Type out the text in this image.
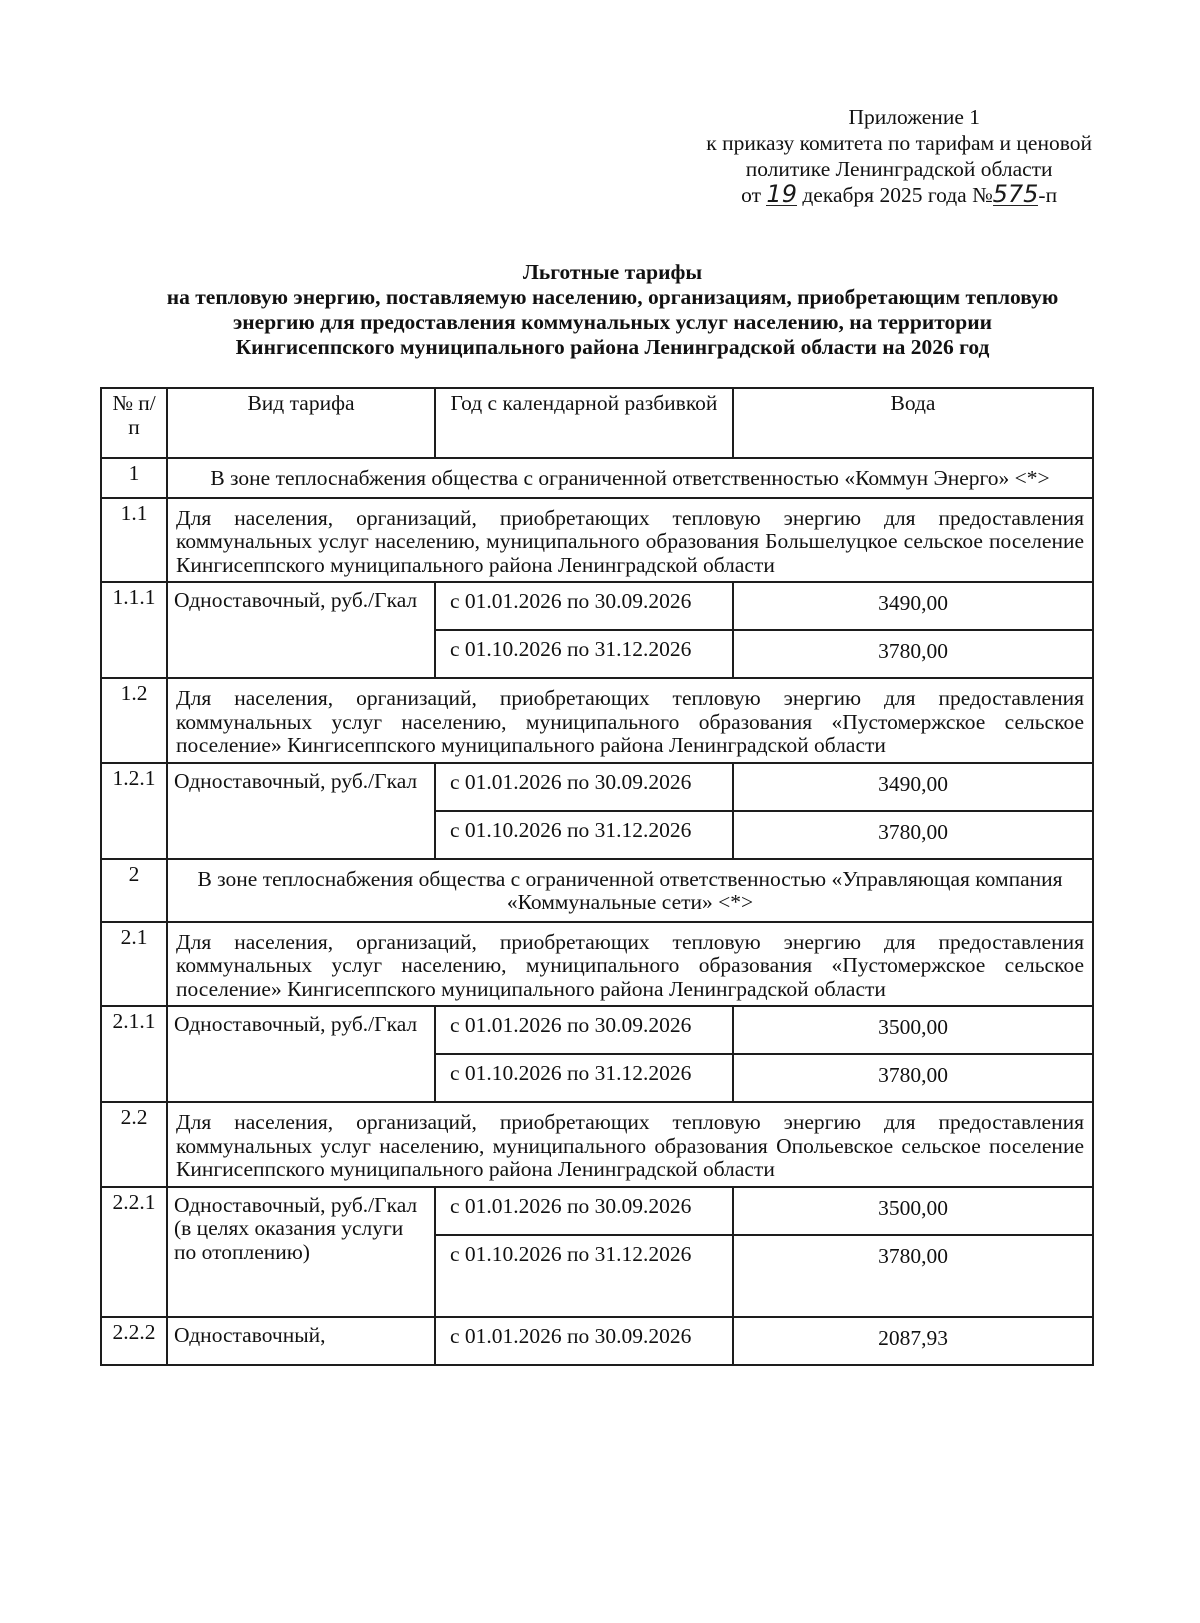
Приложение 1
к приказу комитета по тарифам и ценовой
политике Ленинградской области
от 19 декабря 2025 года №575-п
Льготные тарифы
на тепловую энергию, поставляемую населению, организациям, приобретающим тепловую
энергию для предоставления коммунальных услуг населению, на территории
Кингисеппского муниципального района Ленинградской области на 2026 год
№ п/п	Вид тарифа	Год с календарной разбивкой	Вода
1	В зоне теплоснабжения общества с ограниченной ответственностью «Коммун Энерго» <*>		
1.1	Для населения, организаций, приобретающих тепловую энергию для предоставления коммунальных услуг населению, муниципального образования Большелуцкое сельское поселение Кингисеппского муниципального района Ленинградской области		
1.1.1	Одноставочный, руб./Гкал	с 01.01.2026 по 30.09.2026	3490,00
		с 01.10.2026 по 31.12.2026	3780,00
1.2	Для населения, организаций, приобретающих тепловую энергию для предоставления коммунальных услуг населению, муниципального образования «Пустомержское сельское поселение» Кингисеппского муниципального района Ленинградской области		
1.2.1	Одноставочный, руб./Гкал	с 01.01.2026 по 30.09.2026	3490,00
		с 01.10.2026 по 31.12.2026	3780,00
2	В зоне теплоснабжения общества с ограниченной ответственностью «Управляющая компания «Коммунальные сети» <*>		
2.1	Для населения, организаций, приобретающих тепловую энергию для предоставления коммунальных услуг населению, муниципального образования «Пустомержское сельское поселение» Кингисеппского муниципального района Ленинградской области		
2.1.1	Одноставочный, руб./Гкал	с 01.01.2026 по 30.09.2026	3500,00
		с 01.10.2026 по 31.12.2026	3780,00
2.2	Для населения, организаций, приобретающих тепловую энергию для предоставления коммунальных услуг населению, муниципального образования Опольевское сельское поселение Кингисеппского муниципального района Ленинградской области		
2.2.1	Одноставочный, руб./Гкал (в целях оказания услуги по отоплению)	с 01.01.2026 по 30.09.2026	3500,00
		с 01.10.2026 по 31.12.2026	3780,00
2.2.2	Одноставочный,	с 01.01.2026 по 30.09.2026	2087,93
